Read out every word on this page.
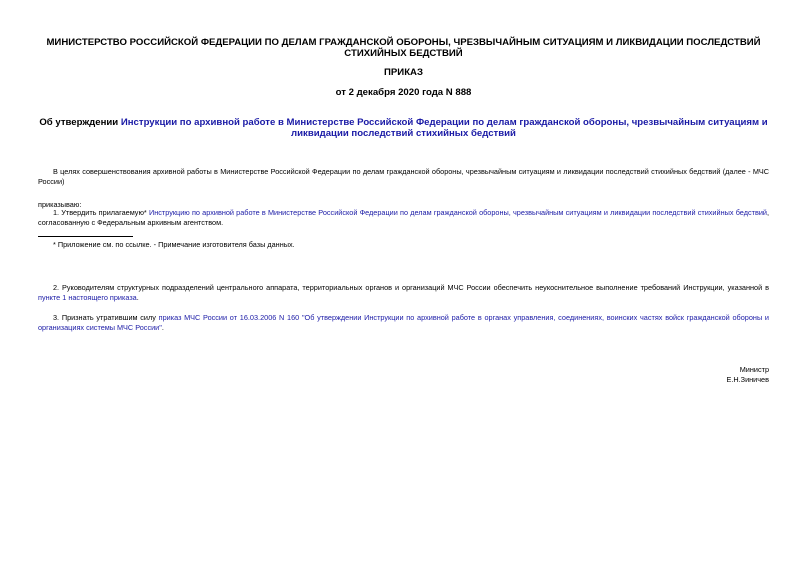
МИНИСТЕРСТВО РОССИЙСКОЙ ФЕДЕРАЦИИ ПО ДЕЛАМ ГРАЖДАНСКОЙ ОБОРОНЫ, ЧРЕЗВЫЧАЙНЫМ СИТУАЦИЯМ И ЛИКВИДАЦИИ ПОСЛЕДСТВИЙ СТИХИЙНЫХ БЕДСТВИЙ
ПРИКАЗ
от 2 декабря 2020 года N 888
Об утверждении Инструкции по архивной работе в Министерстве Российской Федерации по делам гражданской обороны, чрезвычайным ситуациям и ликвидации последствий стихийных бедствий
В целях совершенствования архивной работы в Министерстве Российской Федерации по делам гражданской обороны, чрезвычайным ситуациям и ликвидации последствий стихийных бедствий (далее - МЧС России)
приказываю:
1. Утвердить прилагаемую* Инструкцию по архивной работе в Министерстве Российской Федерации по делам гражданской обороны, чрезвычайным ситуациям и ликвидации последствий стихийных бедствий, согласованную с Федеральным архивным агентством.
* Приложение см. по ссылке. - Примечание изготовителя базы данных.
2. Руководителям структурных подразделений центрального аппарата, территориальных органов и организаций МЧС России обеспечить неукоснительное выполнение требований Инструкции, указанной в пункте 1 настоящего приказа.
3. Признать утратившим силу приказ МЧС России от 16.03.2006 N 160 "Об утверждении Инструкции по архивной работе в органах управления, соединениях, воинских частях войск гражданской обороны и организациях системы МЧС России".
Министр
Е.Н.Зиничев
